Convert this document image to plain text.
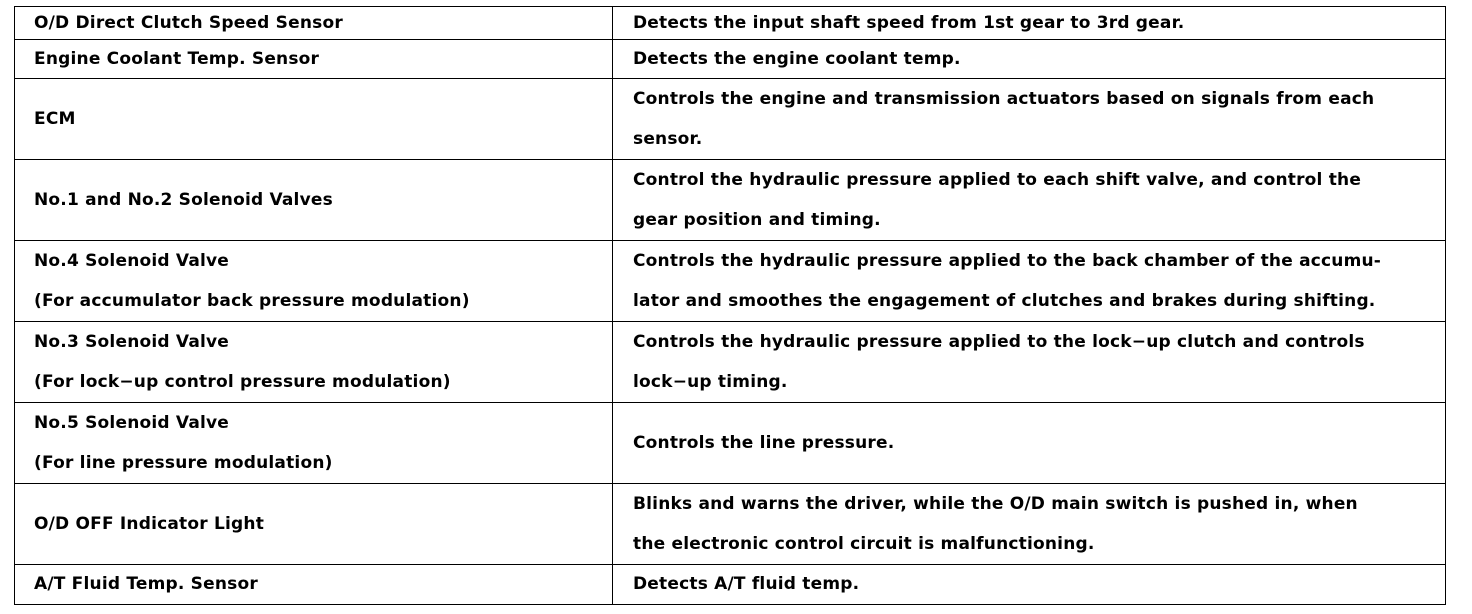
O/D Direct Clutch Speed Sensor	Detects the input shaft speed from 1st gear to 3rd gear.

Engine Coolant Temp. Sensor	Detects the engine coolant temp.

ECM	Controls the engine and transmission actuators based on signals from each
sensor.

No.1 and No.2 Solenoid Valves	Control the hydraulic pressure applied to each shift valve, and control the
gear position and timing.

No.4 Solenoid Valve
(For accumulator back pressure modulation)	Controls the hydraulic pressure applied to the back chamber of the accumu-
lator and smoothes the engagement of clutches and brakes during shifting.

No.3 Solenoid Valve
(For lock−up control pressure modulation)	Controls the hydraulic pressure applied to the lock−up clutch and controls
lock−up timing.

No.5 Solenoid Valve
(For line pressure modulation)	Controls the line pressure.

O/D OFF Indicator Light	Blinks and warns the driver, while the O/D main switch is pushed in, when
the electronic control circuit is malfunctioning.

A/T Fluid Temp. Sensor	Detects A/T fluid temp.
